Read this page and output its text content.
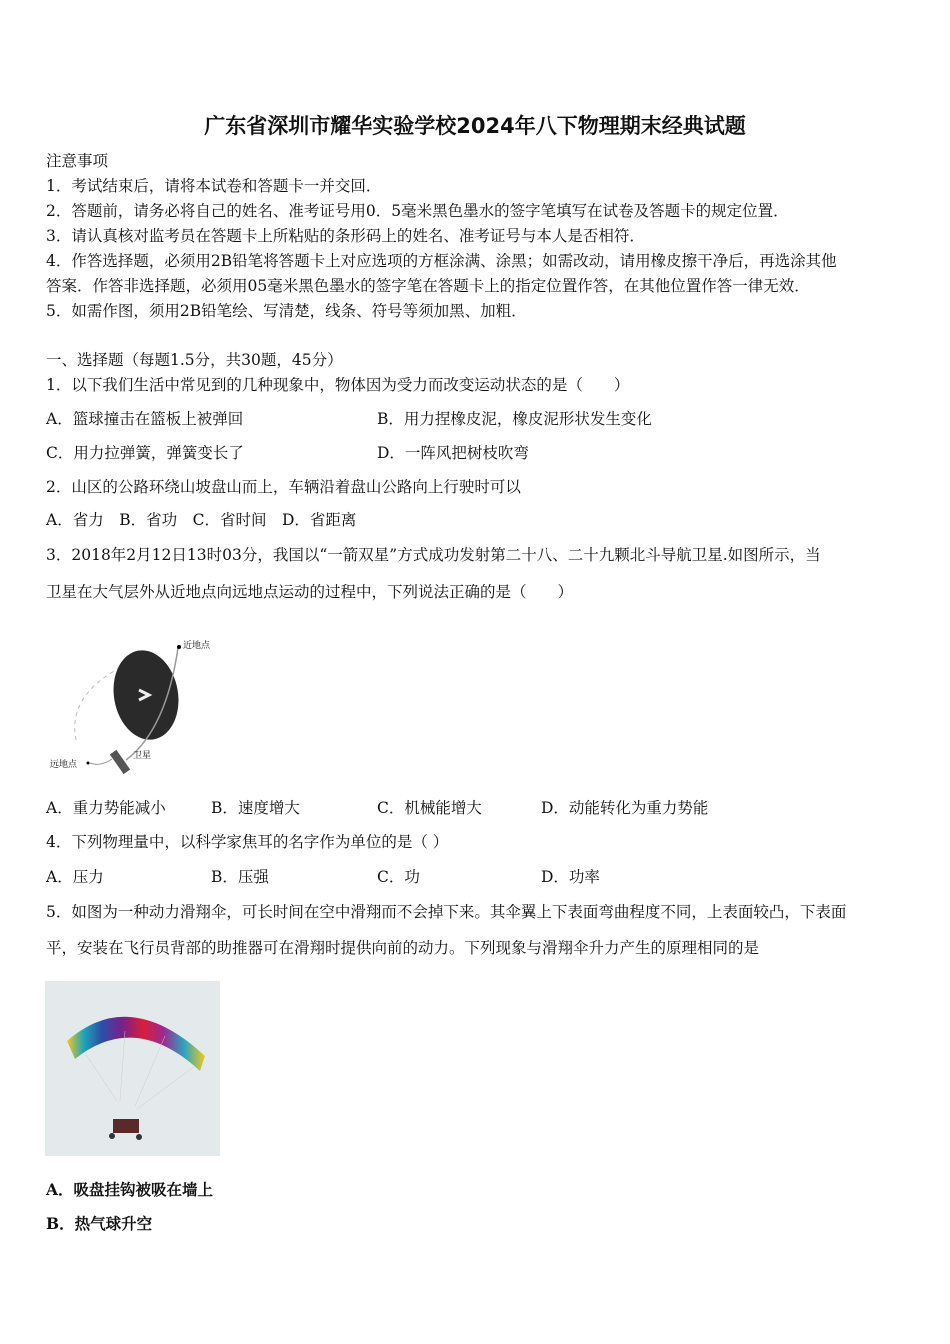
广东省深圳市耀华实验学校2024年八下物理期末经典试题
注意事项
1．考试结束后，请将本试卷和答题卡一并交回．
2．答题前，请务必将自己的姓名、准考证号用0．5毫米黑色墨水的签字笔填写在试卷及答题卡的规定位置．
3．请认真核对监考员在答题卡上所粘贴的条形码上的姓名、准考证号与本人是否相符．
4．作答选择题，必须用2B铅笔将答题卡上对应选项的方框涂满、涂黑；如需改动，请用橡皮擦干净后，再选涂其他
答案．作答非选择题，必须用05毫米黑色墨水的签字笔在答题卡上的指定位置作答，在其他位置作答一律无效．
5．如需作图，须用2B铅笔绘、写清楚，线条、符号等须加黑、加粗．
一、选择题（每题1.5分，共30题，45分）
1．以下我们生活中常见到的几种现象中，物体因为受力而改变运动状态的是（　　）
A．篮球撞击在篮板上被弹回	B．用力捏橡皮泥，橡皮泥形状发生变化
C．用力拉弹簧，弹簧变长了	D．一阵风把树枝吹弯
2．山区的公路环绕山坡盘山而上，车辆沿着盘山公路向上行驶时可以
A．省力　B．省功　C．省时间　D．省距离
3．2018年2月12日13时03分，我国以“一箭双星”方式成功发射第二十八、二十九颗北斗导航卫星.如图所示，当
卫星在大气层外从近地点向远地点运动的过程中，下列说法正确的是（　　）
近地点
远地点
卫星
A．重力势能减小	B．速度增大	C．机械能增大	D．动能转化为重力势能
4．下列物理量中，以科学家焦耳的名字作为单位的是（ ）
A．压力	B．压强	C．功	D．功率
5．如图为一种动力滑翔伞，可长时间在空中滑翔而不会掉下来。其伞翼上下表面弯曲程度不同，上表面较凸，下表面
平，安装在飞行员背部的助推器可在滑翔时提供向前的动力。下列现象与滑翔伞升力产生的原理相同的是
A．吸盘挂钩被吸在墙上
B．热气球升空
